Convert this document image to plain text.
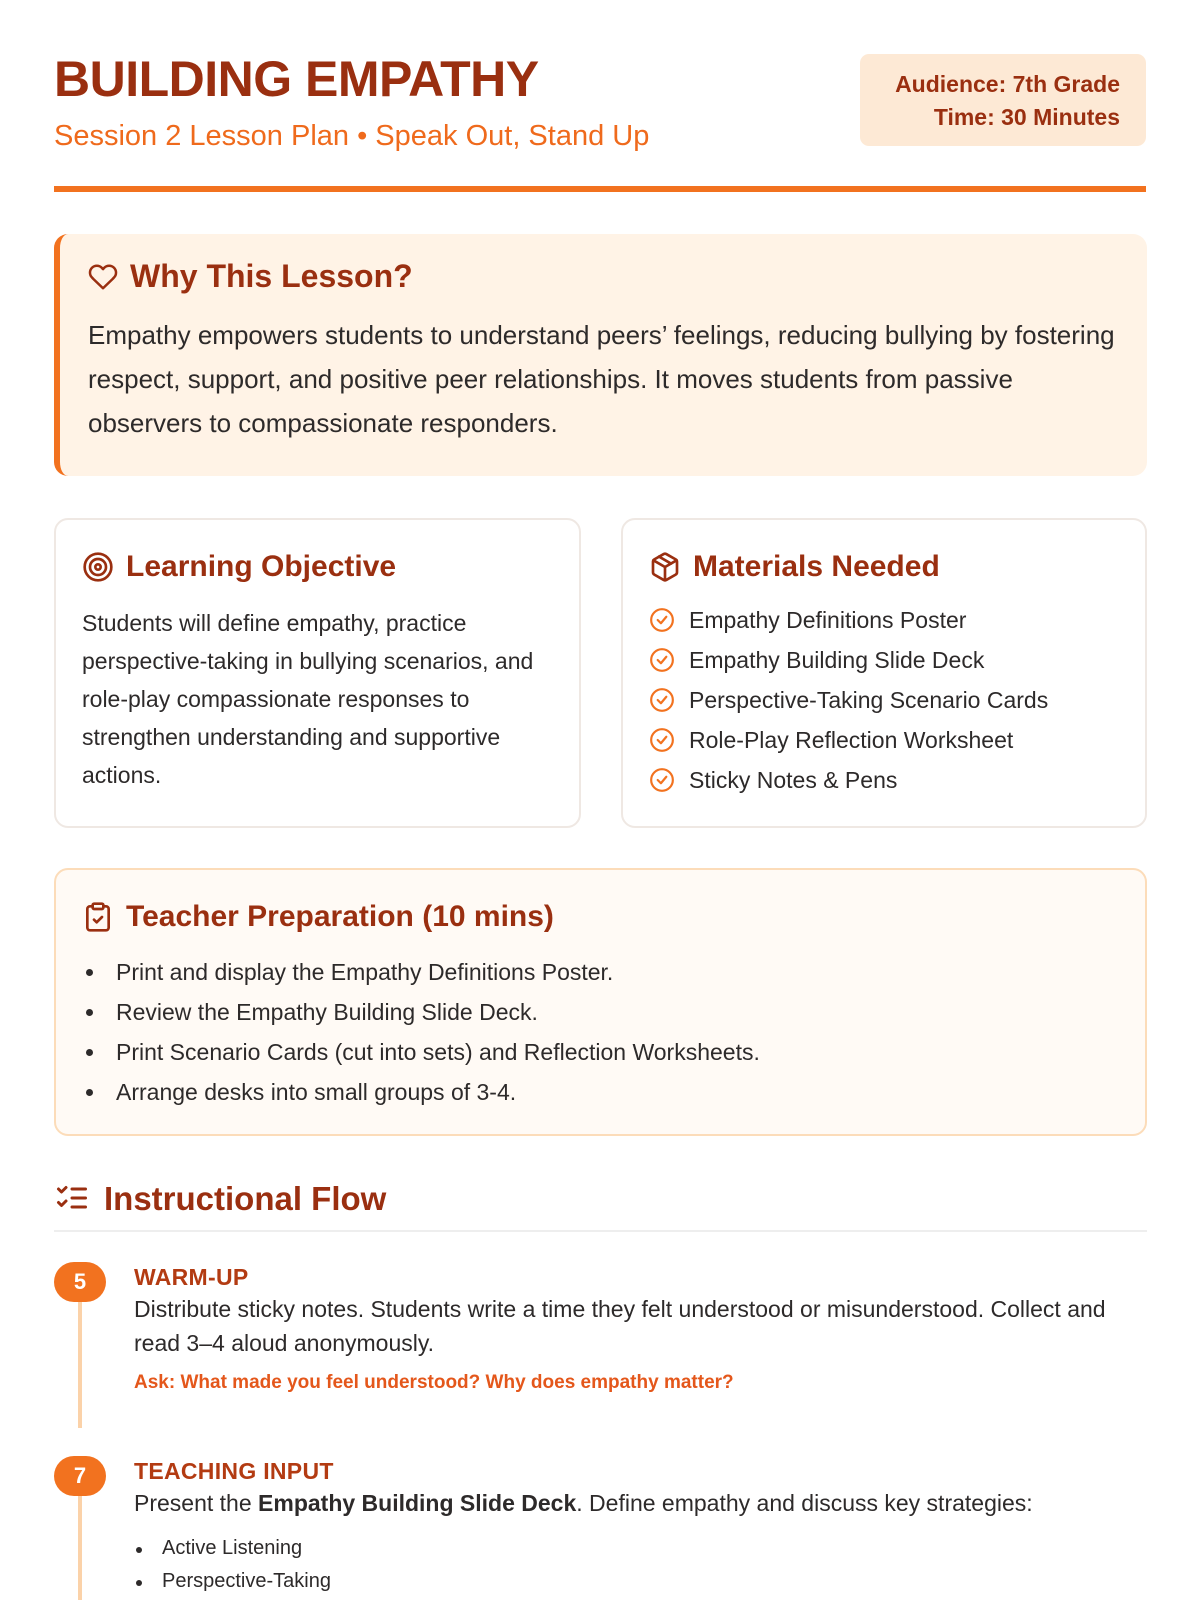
BUILDING EMPATHY
Session 2 Lesson Plan • Speak Out, Stand Up
Audience: 7th Grade
Time: 30 Minutes
Why This Lesson?

Empathy empowers students to understand peers’ feelings, reducing bullying by fostering respect, support, and positive peer relationships. It moves students from passive observers to compassionate responders.

Learning Objective

Students will define empathy, practice perspective-taking in bullying scenarios, and role-play compassionate responses to strengthen understanding and supportive actions.

Materials Needed
Empathy Definitions Poster
Empathy Building Slide Deck
Perspective-Taking Scenario Cards
Role-Play Reflection Worksheet
Sticky Notes & Pens
Teacher Preparation (10 mins)
Print and display the Empathy Definitions Poster.
Review the Empathy Building Slide Deck.
Print Scenario Cards (cut into sets) and Reflection Worksheets.
Arrange desks into small groups of 3-4.
Instructional Flow
5	WARM-UP
Distribute sticky notes. Students write a time they felt understood or misunderstood. Collect and read 3–4 aloud anonymously.
Ask: What made you feel understood? Why does empathy matter?
7	TEACHING INPUT
Present the Empathy Building Slide Deck. Define empathy and discuss key strategies:
Active Listening
Perspective-Taking
